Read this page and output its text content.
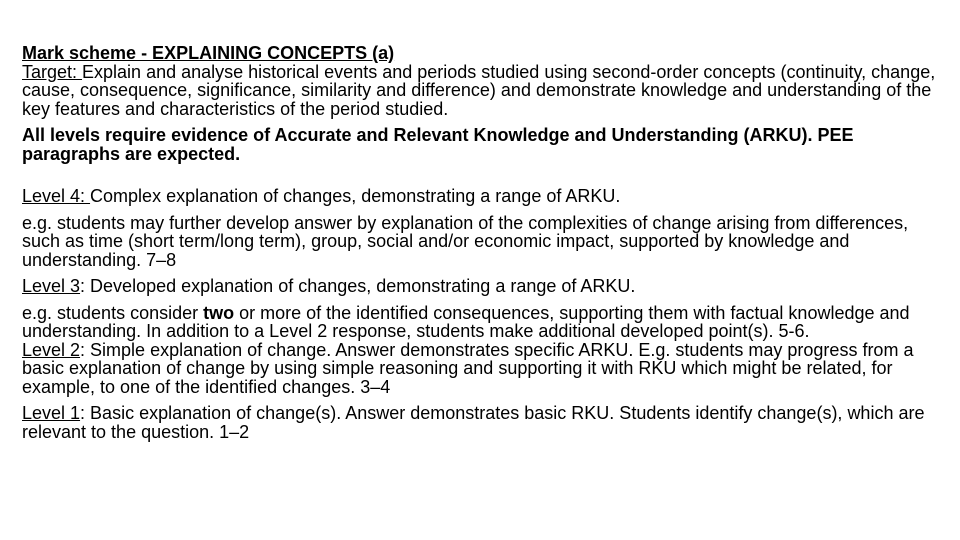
Mark scheme - EXPLAINING CONCEPTS (a)

Target: Explain and analyse historical events and periods studied using second-order concepts (continuity, change, cause, consequence, significance, similarity and difference) and demonstrate knowledge and understanding of the key features and characteristics of the period studied.

All levels require evidence of Accurate and Relevant Knowledge and Understanding (ARKU). PEE paragraphs are expected.

Level 4: Complex explanation of changes, demonstrating a range of ARKU.

e.g. students may further develop answer by explanation of the complexities of change arising from differences, such as time (short term/long term), group, social and/or economic impact, supported by knowledge and understanding. 7–8

Level 3: Developed explanation of changes, demonstrating a range of ARKU.

e.g. students consider two or more of the identified consequences, supporting them with factual knowledge and understanding. In addition to a Level 2 response, students make additional developed point(s). 5-6.

Level 2: Simple explanation of change. Answer demonstrates specific ARKU. E.g. students may progress from a basic explanation of change by using simple reasoning and supporting it with RKU which might be related, for example, to one of the identified changes. 3–4

Level 1: Basic explanation of change(s). Answer demonstrates basic RKU. Students identify change(s), which are relevant to the question. 1–2
